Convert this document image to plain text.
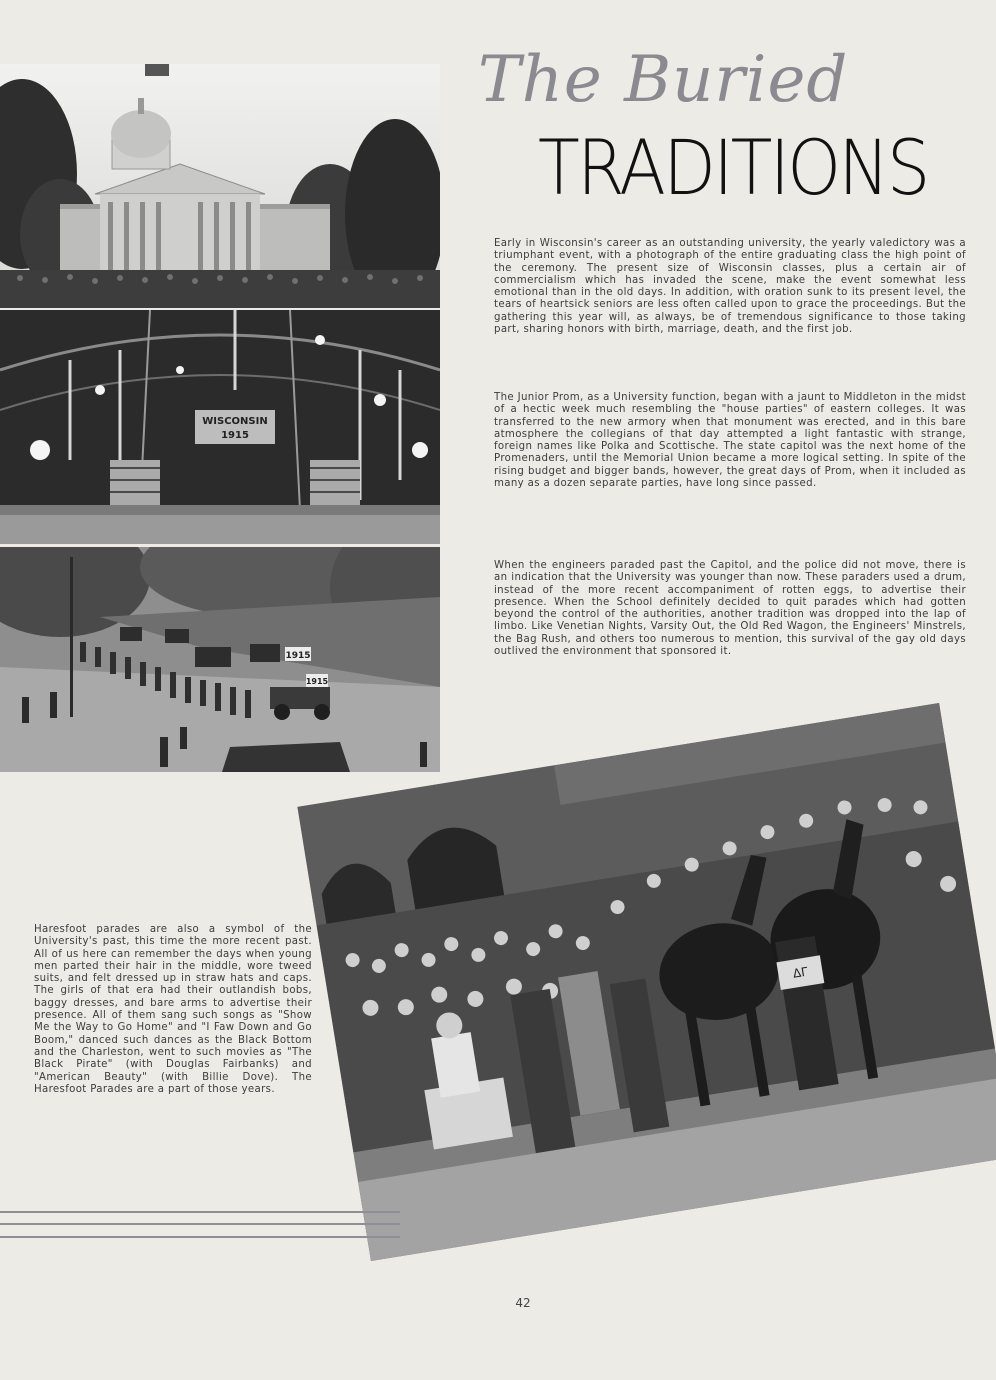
WISCONSIN
1915
1915
1915
ΔΓ
The Buried
TRADITIONS

Early in Wisconsin's career as an outstanding university, the yearly valedictory was a triumphant event, with a photograph of the entire graduating class the high point of the ceremony. The present size of Wisconsin classes, plus a certain air of commercialism which has invaded the scene, make the event somewhat less emotional than in the old days. In addition, with oration sunk to its present level, the tears of heartsick seniors are less often called upon to grace the proceedings. But the gathering this year will, as always, be of tremendous significance to those taking part, sharing honors with birth, marriage, death, and the first job.

The Junior Prom, as a University function, began with a jaunt to Middleton in the midst of a hectic week much resembling the "house parties" of eastern colleges. It was transferred to the new armory when that monument was erected, and in this bare atmosphere the collegians of that day attempted a light fantastic with strange, foreign names like Polka and Scottische. The state capitol was the next home of the Promenaders, until the Memorial Union became a more logical setting. In spite of the rising budget and bigger bands, however, the great days of Prom, when it included as many as a dozen separate parties, have long since passed.

When the engineers paraded past the Capitol, and the police did not move, there is an indication that the University was younger than now. These paraders used a drum, instead of the more recent accompaniment of rotten eggs, to advertise their presence. When the School definitely decided to quit parades which had gotten beyond the control of the authorities, another tradition was dropped into the lap of limbo. Like Venetian Nights, Varsity Out, the Old Red Wagon, the Engineers' Minstrels, the Bag Rush, and others too numerous to mention, this survival of the gay old days outlived the environment that sponsored it.

Haresfoot parades are also a symbol of the University's past, this time the more recent past. All of us here can remember the days when young men parted their hair in the middle, wore tweed suits, and felt dressed up in straw hats and caps. The girls of that era had their outlandish bobs, baggy dresses, and bare arms to advertise their presence. All of them sang such songs as "Show Me the Way to Go Home" and "I Faw Down and Go Boom," danced such dances as the Black Bottom and the Charleston, went to such movies as "The Black Pirate" (with Douglas Fairbanks) and "American Beauty" (with Billie Dove). The Haresfoot Parades are a part of those years.

42
